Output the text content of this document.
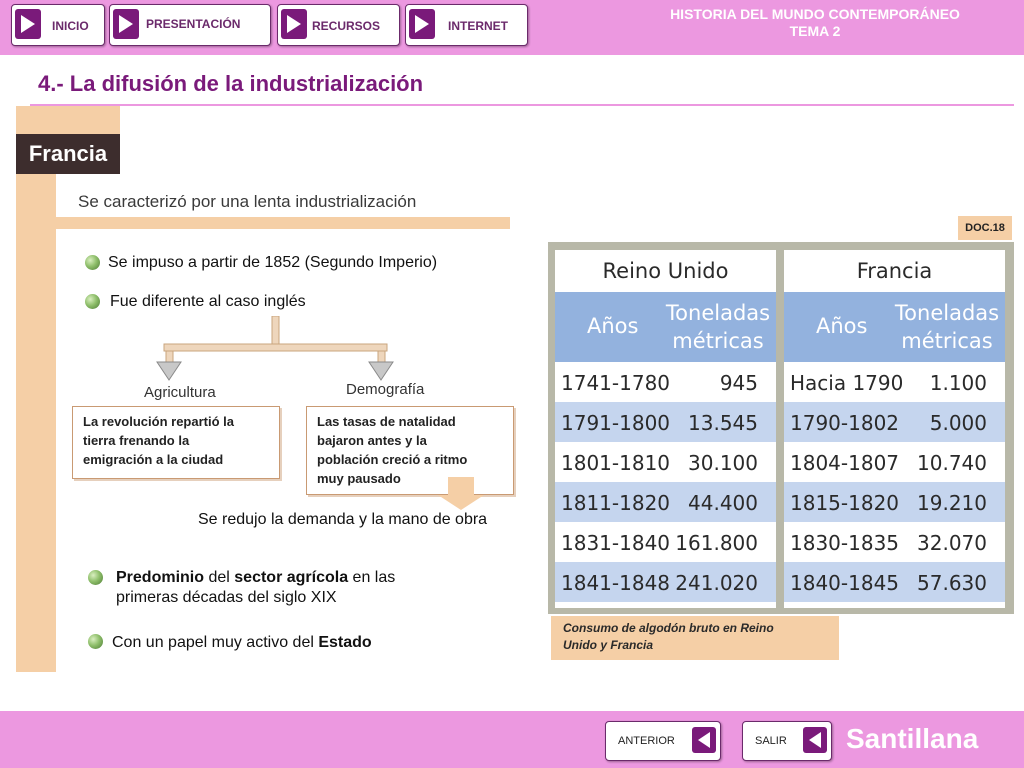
INICIO	PRESENTACIÓN	RECURSOS	INTERNET
HISTORIA DEL MUNDO CONTEMPORÁNEO
TEMA 2
4.- La difusión de la industrialización
Francia
Se caracterizó por una lenta industrialización
Se impuso a partir de 1852 (Segundo Imperio)
Fue diferente al caso inglés
Agricultura	Demografía
La revolución repartió la
tierra frenando la
emigración a la ciudad
Las tasas de natalidad
bajaron antes y la
población creció a ritmo
muy pausado
Se redujo la demanda y la mano de obra
Predominio del sector agrícola en las
primeras décadas del siglo XIX
Con un papel muy activo del Estado
DOC.18
Reino Unido
Años
Toneladas
métricas
1741-1780 945
1791-1800 13.545
1801-1810 30.100
1811-1820 44.400
1831-1840 161.800
1841-1848 241.020
Francia
Años
Toneladas
métricas
Hacia 1790 1.100
1790-1802 5.000
1804-1807 10.740
1815-1820 19.210
1830-1835 32.070
1840-1845 57.630
Consumo de algodón bruto en Reino
Unido y Francia
ANTERIOR	SALIR Santillana
